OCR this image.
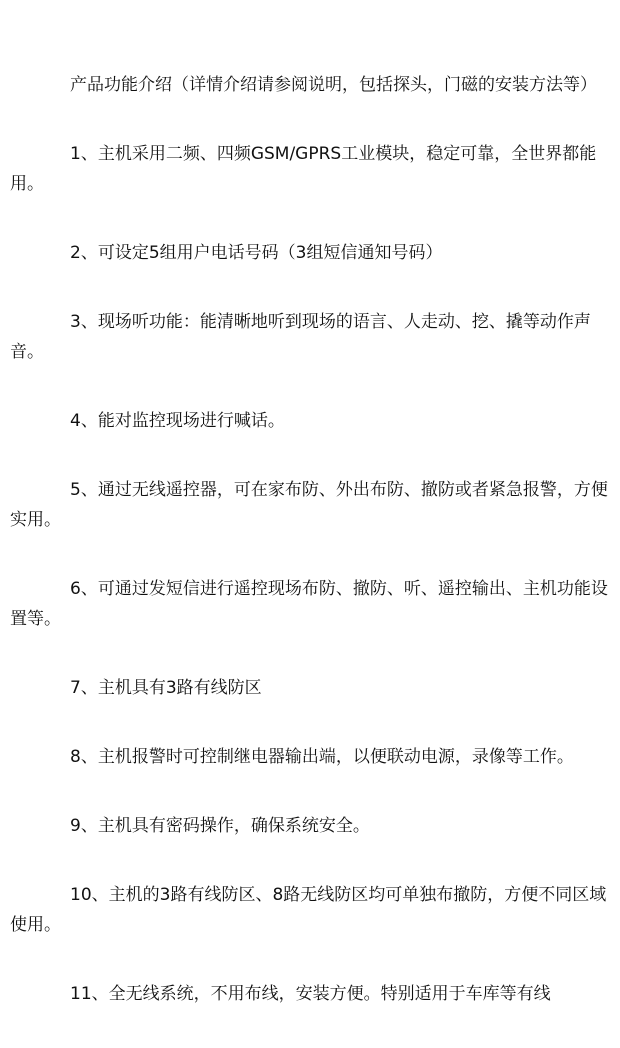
产品功能介绍（详情介绍请参阅说明，包括探头，门磁的安装方法等）

1、主机采用二频、四频GSM/GPRS工业模块，稳定可靠，全世界都能用。

2、可设定5组用户电话号码（3组短信通知号码）

3、现场听功能：能清晰地听到现场的语言、人走动、挖、撬等动作声音。

4、能对监控现场进行喊话。

5、通过无线遥控器，可在家布防、外出布防、撤防或者紧急报警，方便实用。

6、可通过发短信进行遥控现场布防、撤防、听、遥控输出、主机功能设置等。

7、主机具有3路有线防区

8、主机报警时可控制继电器输出端，以便联动电源，录像等工作。

9、主机具有密码操作，确保系统安全。

10、主机的3路有线防区、8路无线防区均可单独布撤防，方便不同区域使用。

11、全无线系统，不用布线，安装方便。特别适用于车库等有线
